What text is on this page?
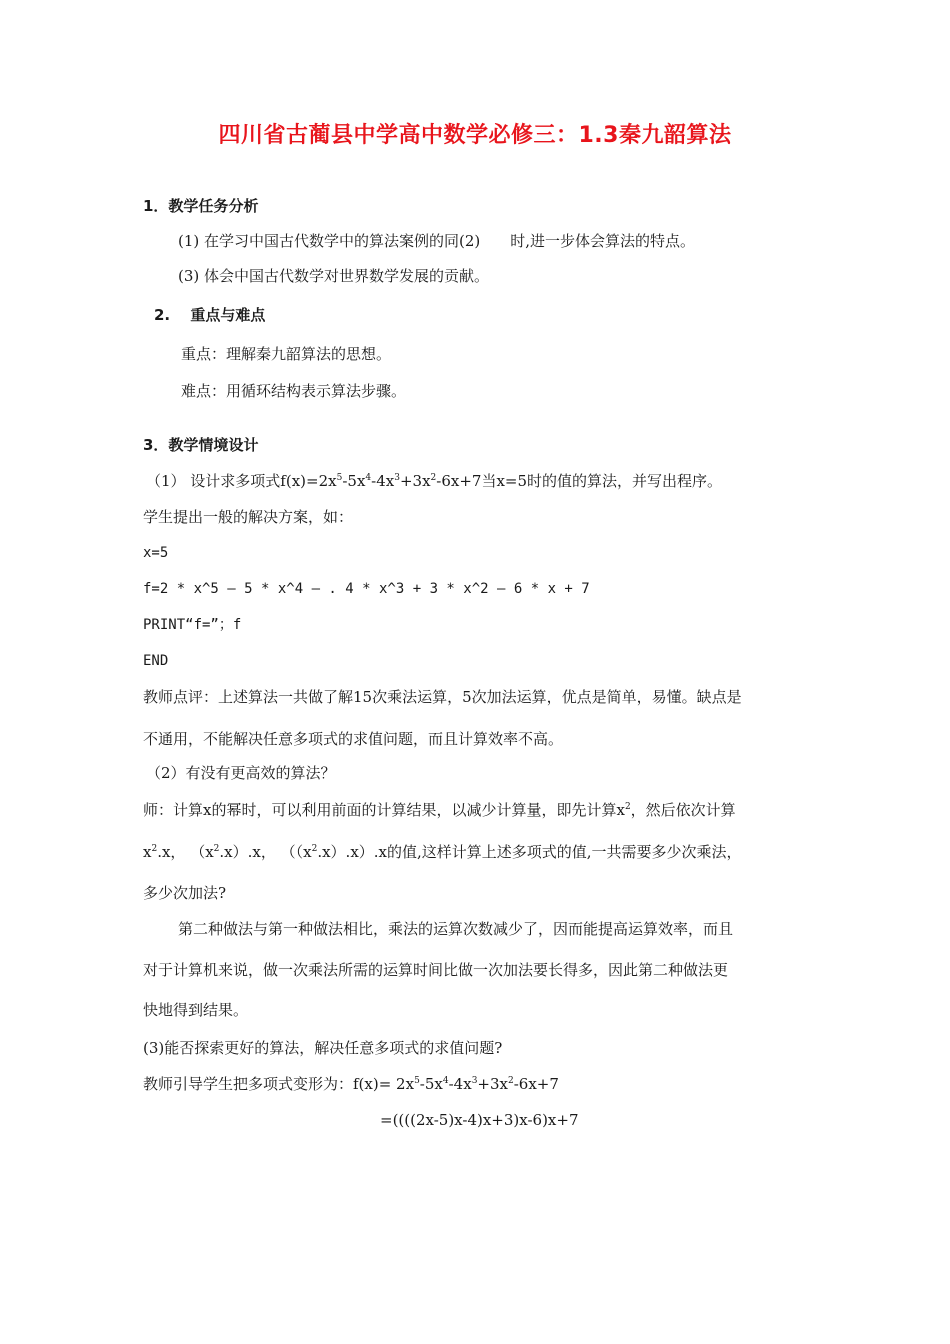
四川省古蔺县中学高中数学必修三：1.3秦九韶算法
1．教学任务分析
(1) 在学习中国古代数学中的算法案例的同(2)　　时,进一步体会算法的特点。
(3) 体会中国古代数学对世界数学发展的贡献。
2.　 重点与难点
重点：理解秦九韶算法的思想。
难点：用循环结构表示算法步骤。
3．教学情境设计
（1） 设计求多项式$f(x)=2x^5-5x^4-4x^3+3x^2-6x+7$当x=5时的值的算法，并写出程序。
学生提出一般的解决方案，如：
x=5
f=2 * x^5 – 5 * x^4 – . 4 * x^3 + 3 * x^2 – 6 * x + 7
PRINT“f=”；f
END
教师点评：上述算法一共做了解15次乘法运算，5次加法运算，优点是简单，易懂。缺点是
不通用，不能解决任意多项式的求值问题，而且计算效率不高。
（2）有没有更高效的算法？
师：计算x的幂时，可以利用前面的计算结果，以减少计算量，即先计算$x^2$，然后依次计算
$x^2.x$， $(x^2.x).x$， $((x^2.x).x).x$的值,这样计算上述多项式的值,一共需要多少次乘法，
多少次加法?
第二种做法与第一种做法相比，乘法的运算次数减少了，因而能提高运算效率，而且
对于计算机来说，做一次乘法所需的运算时间比做一次加法要长得多，因此第二种做法更
快地得到结果。
(3)能否探索更好的算法，解决任意多项式的求值问题?
教师引导学生把多项式变形为：$f(x)= 2x^5-5x^4-4x^3+3x^2-6x+7$
=((((2x-5)x-4)x+3)x-6)x+7
